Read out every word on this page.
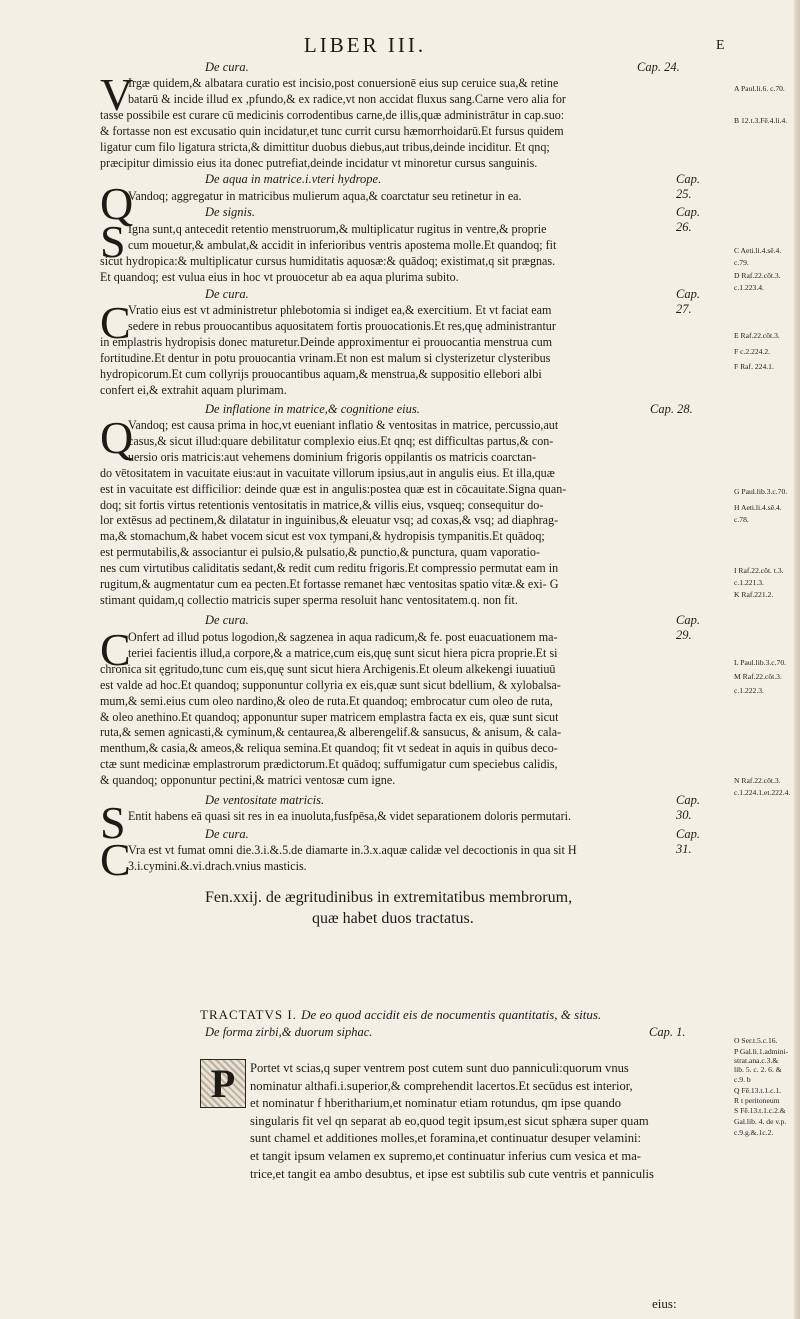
LIBER III.	E
De cura.	Cap. 24.
V
Irgæ quidem,& albatara curatio est incisio,post conuersionē eius sup ceruice sua,& retine
batarū & incide illud ex ,pfundo,& ex radice,vt non accidat fluxus sang.Carne vero alia for
tasse possibile est curare cū medicinis corrodentibus carne,de illis,quæ administrātur in cap.suo:
& fortasse non est excusatio quin incidatur,et tunc currit cursu hæmorrhoidarū.Et fursus quidem
ligatur cum filo ligatura stricta,& dimittitur duobus diebus,aut tribus,deinde inciditur. Et qnq;
præcipitur dimissio eius ita donec putrefiat,deinde incidatur vt minoretur cursus sanguinis.
De aqua in matrice.i.vteri hydrope.	Cap. 25.
Q
Vandoq; aggregatur in matricibus mulierum aqua,& coarctatur seu retinetur in ea.
De signis.	Cap. 26.
S Igna sunt,q antecedit retentio menstruorum,& multiplicatur rugitus in ventre,& proprie
cum mouetur,& ambulat,& accidit in inferioribus ventris apostema molle.Et quandoq; fit
sicut hydropica:& multiplicatur cursus humiditatis aquosæ:& quādoq; existimat,q sit prægnas.
Et quandoq; est vulua eius in hoc vt prouocetur ab ea aqua plurima subito.
De cura.	Cap. 27.
C
Vratio eius est vt administretur phlebotomia si indiget ea,& exercitium. Et vt faciat eam
sedere in rebus prouocantibus aquositatem fortis prouocationis.Et res,quę administrantur
in emplastris hydropisis donec maturetur.Deinde approximentur ei prouocantia menstrua cum
fortitudine.Et dentur in potu prouocantia vrinam.Et non est malum si clysterizetur clysteribus
hydropicorum.Et cum collyrijs prouocantibus aquam,& menstrua,& suppositio ellebori albi
confert ei,& extrahit aquam plurimam.
De inflatione in matrice,& cognitione eius.	Cap. 28.
Q
Vandoq; est causa prima in hoc,vt eueniant inflatio & ventositas in matrice, percussio,aut
casus,& sicut illud:quare debilitatur complexio eius.Et qnq; est difficultas partus,& con-
uersio oris matricis:aut vehemens dominium frigoris oppilantis os matricis coarctan-
do vētositatem in vacuitate eius:aut in vacuitate villorum ipsius,aut in angulis eius. Et illa,quæ
est in vacuitate est difficilior: deinde quæ est in angulis:postea quæ est in cōcauitate.Signa quan-
doq; sit fortis virtus retentionis ventositatis in matrice,& villis eius, vsqueq; consequitur do-
lor extēsus ad pectinem,& dilatatur in inguinibus,& eleuatur vsq; ad coxas,& vsq; ad diaphrag-
ma,& stomachum,& habet vocem sicut est vox tympani,& hydropisis tympanitis.Et quādoq;
est permutabilis,& associantur ei pulsio,& pulsatio,& punctio,& punctura, quam vaporatio-
nes cum virtutibus caliditatis sedant,& redit cum reditu frigoris.Et compressio permutat eam in
rugitum,& augmentatur cum ea pecten.Et fortasse remanet hæc ventositas spatio vitæ.& exi- G
stimant quidam,q collectio matricis super sperma resoluit hanc ventositatem.q. non fit.
De cura.	Cap. 29.
C
Onfert ad illud potus logodion,& sagzenea in aqua radicum,& fe. post euacuationem ma-
teriei facientis illud,a corpore,& a matrice,cum eis,quę sunt sicut hiera picra proprie.Et si
chronica sit ęgritudo,tunc cum eis,quę sunt sicut hiera Archigenis.Et oleum alkekengi iuuatiuū
est valde ad hoc.Et quandoq; supponuntur collyria ex eis,quæ sunt sicut bdellium, & xylobalsa-
mum,& semi.eius cum oleo nardino,& oleo de ruta.Et quandoq; embrocatur cum oleo de ruta,
& oleo anethino.Et quandoq; apponuntur super matricem emplastra facta ex eis, quæ sunt sicut
ruta,& semen agnicasti,& cyminum,& centaurea,& alberengelif.& sansucus, & anisum, & cala-
menthum,& casia,& ameos,& reliqua semina.Et quandoq; fit vt sedeat in aquis in quibus deco-
ctæ sunt medicinæ emplastrorum prædictorum.Et quādoq; suffumigatur cum speciebus calidis,
& quandoq; opponuntur pectini,& matrici ventosæ cum igne.
De ventositate matricis.	Cap. 30.
S Entit habens eā quasi sit res in ea inuoluta,fusfpēsa,& videt separationem doloris permutari.
De cura.	Cap. 31.
C
Vra est vt fumat omni die.3.i.&.5.de diamarte in.3.x.aquæ calidæ vel decoctionis in qua sit H
3.i.cymini.&.vi.drach.vnius masticis.
Fen.xxij. de ægritudinibus in extremitatibus membrorum,
quæ habet duos tractatus.
TRACTATVS I. De eo quod accidit eis de nocumentis quantitatis, & situs.
De forma zirbi,& duorum siphac.	Cap. 1.
P	Portet vt scias,q super ventrem post cutem sunt duo panniculi:quorum vnus
nominatur althafi.i.superior,& comprehendit lacertos.Et secūdus est interior,
et nominatur f hberitharium,et nominatur etiam rotundus, qm ipse quando
singularis fit vel qn separat ab eo,quod tegit ipsum,est sicut sphæra super quam
sunt chamel et additiones molles,et foramina,et continuatur desuper velamini:
et tangit ipsum velamen ex supremo,et continuatur inferius cum vesica et ma-
trice,et tangit ea ambo desubtus, et ipse est subtilis sub cute ventris et panniculis
eius:
A Paul.li.6. c.70.
B 12.t.3.Fē.4.li.4.
C Aeti.li.4.sē.4.
c.79.
D Raf.22.cōt.3.
c.1.223.4.
E Raf.22.cōt.3.
F c.2.224.2.
F Raf. 224.1.
G Paul.lib.3.c.70.
H Aeti.li.4.sē.4.
c.78.
I Raf.22.cōt. t.3.
c.1.221.3.
K Raf.221.2.
L Paul.lib.3.c.70.
M Raf.22.cōt.3.
c.1.222.3.
N Raf.22.cōt.3.
c.1.224.1.et.222.4.
O Ser.t.5.c.16.
P Gal.li.1.admini-
strat.ana.c.3.&
lib. 5. c. 2. 6. &
c.9. b
Q Fē.13.t.1.c.1.
R t peritoneum
S Fē.13.t.1.c.2.&
Gal.lib. 4. de v.p.
c.9.g.&.1c.2.
